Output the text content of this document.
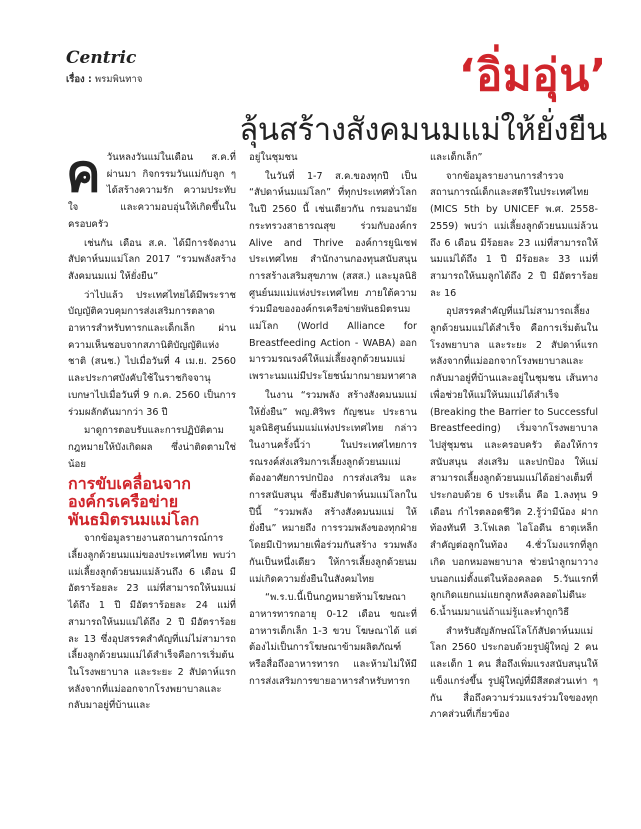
Centric
เรื่อง : พรมพินทาจ	‘อิ่มอุ่น’
ลุ้นสร้างสังคมนมแม่ให้ยั่งยืน

ค วันหลงวันแม่ในเดือน ส.ค.ที่ผ่านมา กิจกรรมวันแม่กับลูก ๆ ได้สร้างความรัก ความประทับใจ และความอบอุ่นให้เกิดขึ้นในครอบครัว

เช่นกัน เดือน ส.ค. ได้มีการจัดงานสัปดาห์นมแม่โลก 2017 “รวมพลังสร้างสังคมนมแม่ ให้ยั่งยืน”

ว่าไปแล้ว ประเทศไทยได้มีพระราชบัญญัติควบคุมการส่งเสริมการตลาดอาหารสำหรับทารกและเด็กเล็ก ผ่านความเห็นชอบจากสภานิติบัญญัติแห่งชาติ (สนช.) ไปเมื่อวันที่ 4 เม.ย. 2560 และประกาศบังคับใช้ในราชกิจจานุเบกษาไปเมื่อวันที่ 9 ก.ค. 2560 เป็นการร่วมผลักดันมากว่า 36 ปี

มาดูการตอบรับและการปฏิบัติตามกฎหมายให้บังเกิดผล ซึ่งน่าติดตามใช่น้อย

การขับเคลื่อนจากองค์กรเครือข่ายพันธมิตรนมแม่โลก

จากข้อมูลรายงานสถานการณ์การเลี้ยงลูกด้วยนมแม่ของประเทศไทย พบว่าแม่เลี้ยงลูกด้วยนมแม่ล้วนถึง 6 เดือน มีอัตราร้อยละ 23 แม่ที่สามารถให้นมแม่ได้ถึง 1 ปี มีอัตราร้อยละ 24 แม่ที่สามารถให้นมแม่ได้ถึง 2 ปี มีอัตราร้อยละ 13 ซึ่งอุปสรรคสำคัญที่แม่ไม่สามารถเลี้ยงลูกด้วยนมแม่ได้สำเร็จคือการเริ่มต้นในโรงพยาบาล และระยะ 2 สัปดาห์แรก หลังจากที่แม่ออกจากโรงพยาบาลและกลับมาอยู่ที่บ้านและ

อยู่ในชุมชน

ในวันที่ 1-7 ส.ค.ของทุกปี เป็น “สัปดาห์นมแม่โลก” ที่ทุกประเทศทั่วโลก ในปี 2560 นี้ เช่นเดียวกัน กรมอนามัย กระทรวงสาธารณสุข ร่วมกับองค์กร Alive and Thrive องค์การยูนิเซฟประเทศไทย สำนักงานกองทุนสนับสนุนการสร้างเสริมสุขภาพ (สสส.) และมูลนิธิศูนย์นมแม่แห่งประเทศไทย ภายใต้ความร่วมมือขององค์กรเครือข่ายพันธมิตรนมแม่โลก (World Alliance for Breastfeeding Action - WABA) ออกมารวมรณรงค์ให้แม่เลี้ยงลูกด้วยนมแม่ เพราะนมแม่มีประโยชน์มากมายมหาศาล

ในงาน “รวมพลัง สร้างสังคมนมแม่ ให้ยั่งยืน” พญ.ศิริพร กัญชนะ ประธานมูลนิธิศูนย์นมแม่แห่งประเทศไทย กล่าวในงานครั้งนี้ว่า ในประเทศไทยการรณรงค์ส่งเสริมการเลี้ยงลูกด้วยนมแม่ต้องอาศัยการปกป้อง การส่งเสริม และการสนับสนุน ซึ่งธีมสัปดาห์นมแม่โลกในปีนี้ “รวมพลัง สร้างสังคมนมแม่ ให้ยั่งยืน” หมายถึง การรวมพลังของทุกฝ่าย โดยมีเป้าหมายเพื่อร่วมกันสร้าง รวมพลังกันเป็นหนึ่งเดียว ให้การเลี้ยงลูกด้วยนมแม่เกิดความยั่งยืนในสังคมไทย

“พ.ร.บ.นี้เป็นกฎหมายห้ามโฆษณาอาหารทารกอายุ 0-12 เดือน ขณะที่อาหารเด็กเล็ก 1-3 ขวบ โฆษณาได้ แต่ต้องไม่เป็นการโฆษณาข้ามผลิตภัณฑ์ หรือสื่อถึงอาหารทารก และห้ามไม่ให้มีการส่งเสริมการขายอาหารสำหรับทารก

และเด็กเล็ก”

จากข้อมูลรายงานการสำรวจสถานการณ์เด็กและสตรีในประเทศไทย (MICS 5th by UNICEF พ.ศ. 2558-2559) พบว่า แม่เลี้ยงลูกด้วยนมแม่ล้วนถึง 6 เดือน มีร้อยละ 23 แม่ที่สามารถให้นมแม่ได้ถึง 1 ปี มีร้อยละ 33 แม่ที่สามารถให้นมลูกได้ถึง 2 ปี มีอัตราร้อยละ 16

อุปสรรคสำคัญที่แม่ไม่สามารถเลี้ยงลูกด้วยนมแม่ได้สำเร็จ คือการเริ่มต้นในโรงพยาบาล และระยะ 2 สัปดาห์แรก หลังจากที่แม่ออกจากโรงพยาบาลและกลับมาอยู่ที่บ้านและอยู่ในชุมชน เส้นทางเพื่อช่วยให้แม่ให้นมแม่ได้สำเร็จ (Breaking the Barrier to Successful Breastfeeding) เริ่มจากโรงพยาบาล ไปสู่ชุมชน และครอบครัว ต้องให้การสนับสนุน ส่งเสริม และปกป้อง ให้แม่สามารถเลี้ยงลูกด้วยนมแม่ได้อย่างเต็มที่ ประกอบด้วย 6 ประเด็น คือ 1.ลงทุน 9 เดือน กำไรตลอดชีวิต 2.รู้ว่ามีน้อง ฝากท้องทันที 3.โฟเลต ไอโอดีน ธาตุเหล็ก สำคัญต่อลูกในท้อง 4.ชั่วโมงแรกที่ลูกเกิด บอกหมอพยาบาล ช่วยนำลูกมาวางบนอกแม่ตั้งแต่ในห้องคลอด 5.วันแรกที่ลูกเกิดแยกแม่แยกลูกหลังคลอดไม่ดีนะ 6.น้ำนมมาแน่ถ้าแม่รู้และทำถูกวิธี

สำหรับสัญลักษณ์โลโก้สัปดาห์นมแม่โลก 2560 ประกอบด้วยรูปผู้ใหญ่ 2 คน และเด็ก 1 คน สื่อถึงเพิ่มแรงสนับสนุนให้แข็งแกร่งขึ้น รูปผู้ใหญ่ที่มีสีสดส่วนเท่า ๆ กัน สื่อถึงความร่วมแรงร่วมใจของทุกภาคส่วนที่เกี่ยวข้อง
